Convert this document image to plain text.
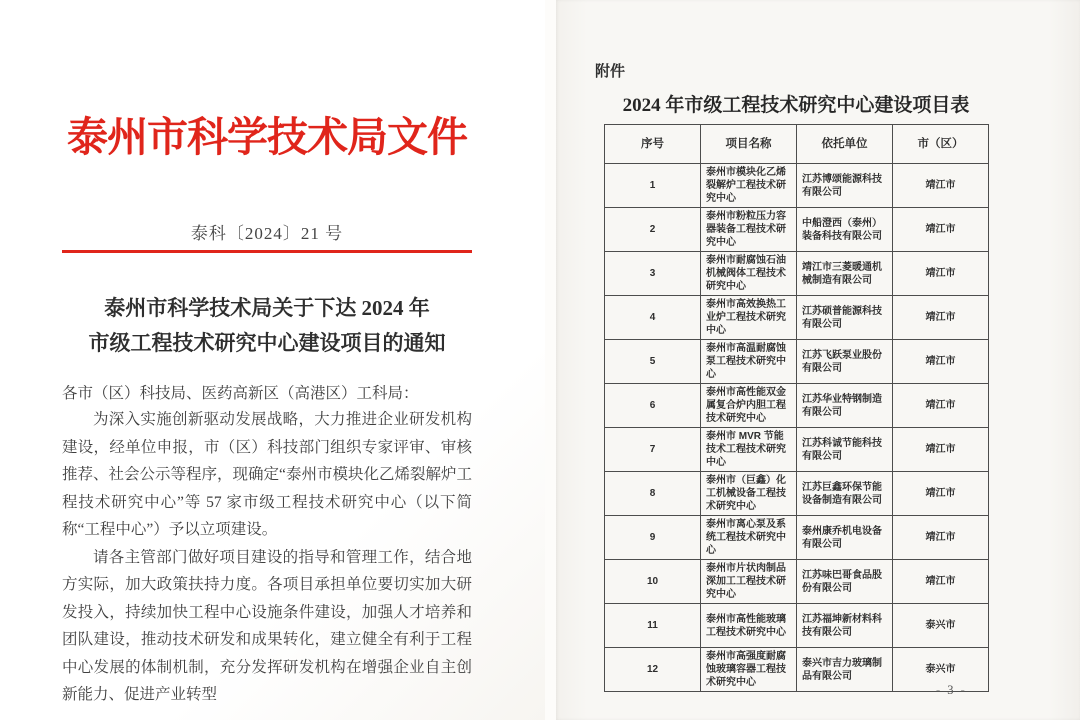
泰州市科学技术局文件
泰科〔2024〕21 号
泰州市科学技术局关于下达 2024 年
市级工程技术研究中心建设项目的通知
各市（区）科技局、医药高新区（高港区）工科局：

为深入实施创新驱动发展战略，大力推进企业研发机构建设，经单位申报，市（区）科技部门组织专家评审、审核推荐、社会公示等程序，现确定“泰州市模块化乙烯裂解炉工程技术研究中心”等 57 家市级工程技术研究中心（以下简称“工程中心”）予以立项建设。

请各主管部门做好项目建设的指导和管理工作，结合地方实际，加大政策扶持力度。各项目承担单位要切实加大研发投入，持续加快工程中心设施条件建设，加强人才培养和团队建设，推动技术研发和成果转化，建立健全有利于工程中心发展的体制机制，充分发挥研发机构在增强企业自主创新能力、促进产业转型

附件
2024 年市级工程技术研究中心建设项目表
序号	项目名称	依托单位	市（区）
1	泰州市模块化乙烯裂解炉工程技术研究中心	江苏博颂能源科技有限公司	靖江市
2	泰州市粉粒压力容器装备工程技术研究中心	中船澄西（泰州）装备科技有限公司	靖江市
3	泰州市耐腐蚀石油机械阀体工程技术研究中心	靖江市三菱暖通机械制造有限公司	靖江市
4	泰州市高效换热工业炉工程技术研究中心	江苏硕普能源科技有限公司	靖江市
5	泰州市高温耐腐蚀泵工程技术研究中心	江苏飞跃泵业股份有限公司	靖江市
6	泰州市高性能双金属复合炉内胆工程技术研究中心	江苏华业特钢制造有限公司	靖江市
7	泰州市 MVR 节能技术工程技术研究中心	江苏科诚节能科技有限公司	靖江市
8	泰州市（巨鑫）化工机械设备工程技术研究中心	江苏巨鑫环保节能设备制造有限公司	靖江市
9	泰州市离心泵及系统工程技术研究中心	泰州康乔机电设备有限公司	靖江市
10	泰州市片状肉制品深加工工程技术研究中心	江苏味巴哥食品股份有限公司	靖江市
11	泰州市高性能玻璃工程技术研究中心	江苏福坤新材料科技有限公司	泰兴市
12	泰州市高强度耐腐蚀玻璃容器工程技术研究中心	泰兴市吉力玻璃制品有限公司	泰兴市
- 3 -
